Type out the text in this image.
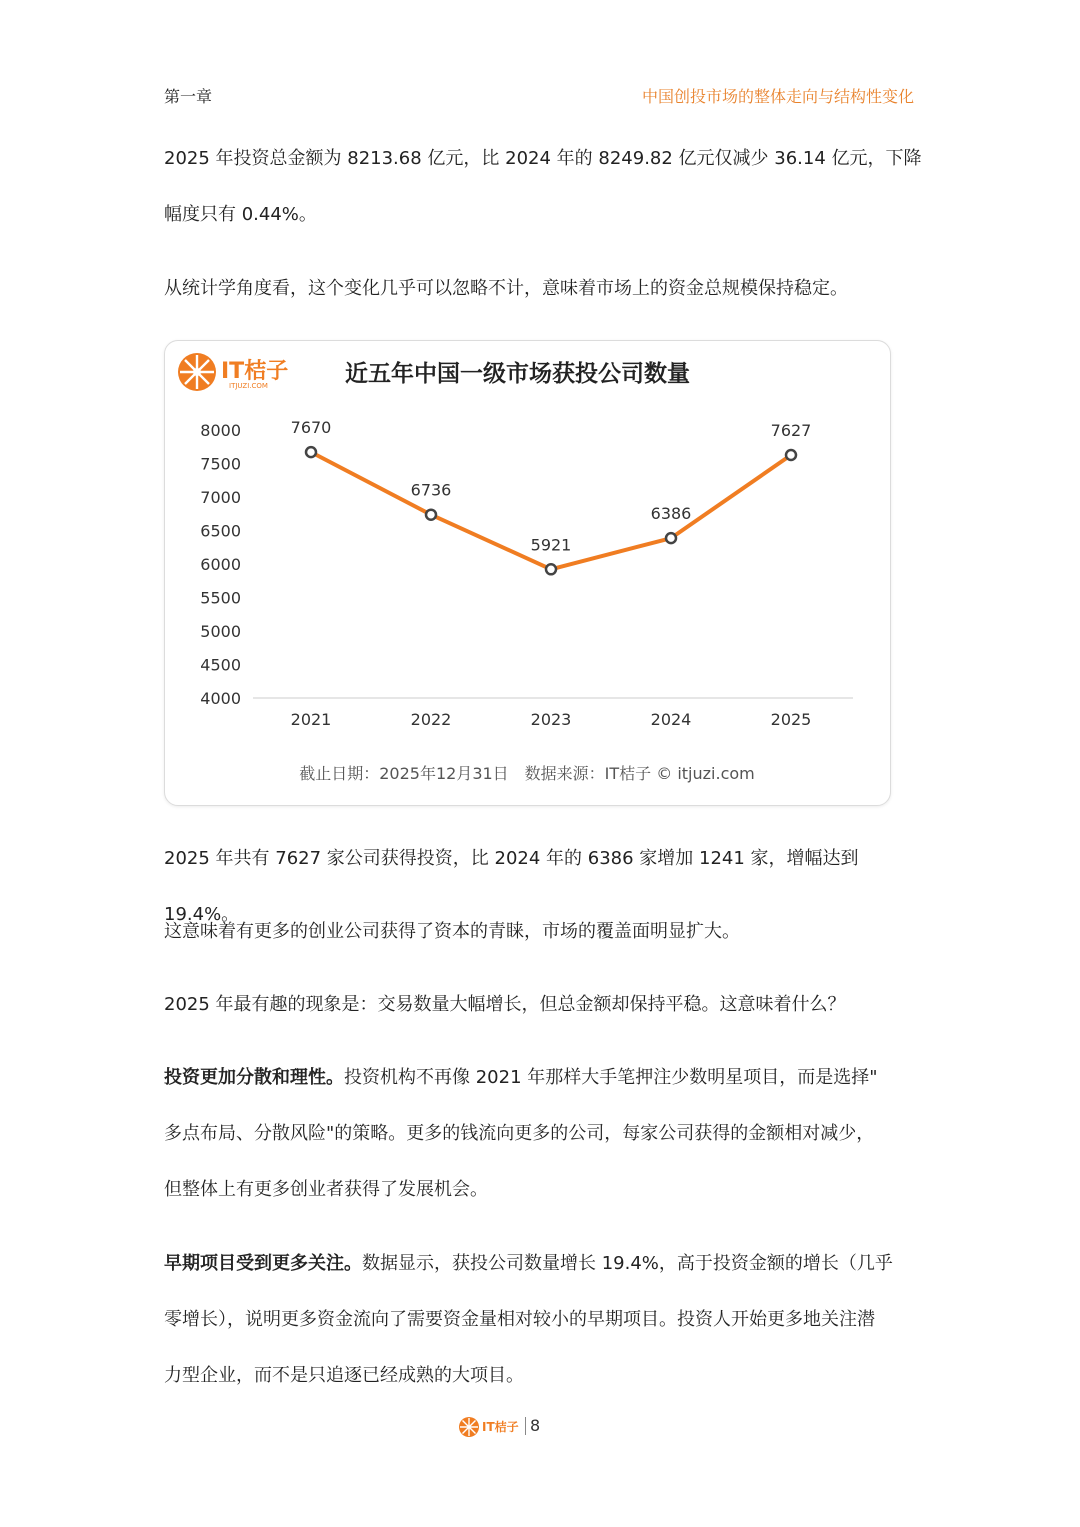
第一章	中国创投市场的整体走向与结构性变化

2025 年投资总金额为 8213.68 亿元，比 2024 年的 8249.82 亿元仅减少 36.14 亿元，下降
幅度只有 0.44%。

从统计学角度看，这个变化几乎可以忽略不计，意味着市场上的资金总规模保持稳定。

IT桔子
ITJUZI.COM	近五年中国一级市场获投公司数量
4000
4500
5000
5500
6000
6500
7000
7500
8000
2021	2022	2023	2024	2025
7670
6736
5921
6386
7627
截止日期：2025年12月31日　数据来源：IT桔子 © itjuzi.com

2025 年共有 7627 家公司获得投资，比 2024 年的 6386 家增加 1241 家，增幅达到 19.4%。

这意味着有更多的创业公司获得了资本的青睐，市场的覆盖面明显扩大。

2025 年最有趣的现象是：交易数量大幅增长，但总金额却保持平稳。这意味着什么？

投资更加分散和理性。投资机构不再像 2021 年那样大手笔押注少数明星项目，而是选择"
多点布局、分散风险"的策略。更多的钱流向更多的公司，每家公司获得的金额相对减少，
但整体上有更多创业者获得了发展机会。

早期项目受到更多关注。数据显示，获投公司数量增长 19.4%，高于投资金额的增长（几乎
零增长），说明更多资金流向了需要资金量相对较小的早期项目。投资人开始更多地关注潜
力型企业，而不是只追逐已经成熟的大项目。

IT桔子 8
